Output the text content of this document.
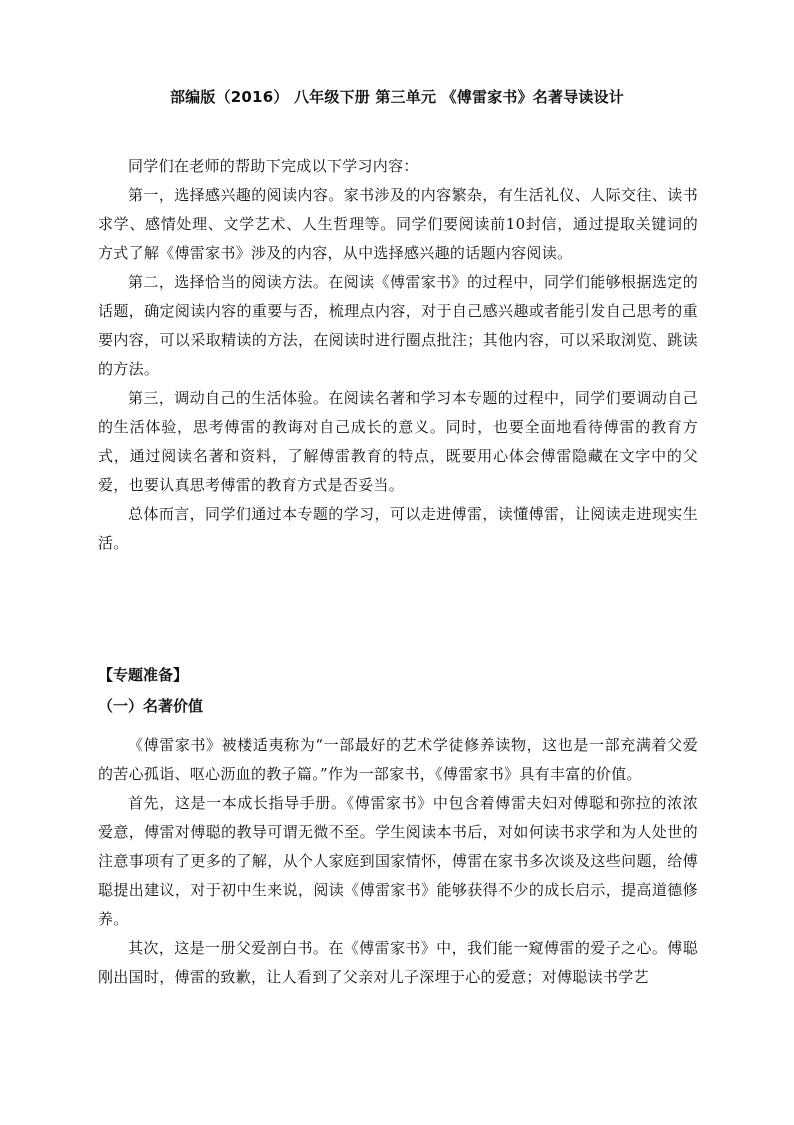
部编版（2016） 八年级下册 第三单元 《傅雷家书》名著导读设计

同学们在老师的帮助下完成以下学习内容：

第一，选择感兴趣的阅读内容。家书涉及的内容繁杂，有生活礼仪、人际交往、读书求学、感情处理、文学艺术、人生哲理等。同学们要阅读前10封信，通过提取关键词的方式了解《傅雷家书》涉及的内容，从中选择感兴趣的话题内容阅读。

第二，选择恰当的阅读方法。在阅读《傅雷家书》的过程中，同学们能够根据选定的话题，确定阅读内容的重要与否，梳理点内容，对于自己感兴趣或者能引发自己思考的重要内容，可以采取精读的方法，在阅读时进行圈点批注；其他内容，可以采取浏览、跳读的方法。

第三，调动自己的生活体验。在阅读名著和学习本专题的过程中，同学们要调动自己的生活体验，思考傅雷的教诲对自己成长的意义。同时，也要全面地看待傅雷的教育方式，通过阅读名著和资料，了解傅雷教育的特点，既要用心体会傅雷隐藏在文字中的父爱，也要认真思考傅雷的教育方式是否妥当。

总体而言，同学们通过本专题的学习，可以走进傅雷，读懂傅雷，让阅读走进现实生活。

【专题准备】
（一）名著价值

《傅雷家书》被楼适夷称为“一部最好的艺术学徒修养读物，这也是一部充满着父爱的苦心孤诣、呕心沥血的教子篇。”作为一部家书，《傅雷家书》具有丰富的价值。

首先，这是一本成长指导手册。《傅雷家书》中包含着傅雷夫妇对傅聪和弥拉的浓浓爱意，傅雷对傅聪的教导可谓无微不至。学生阅读本书后，对如何读书求学和为人处世的注意事项有了更多的了解，从个人家庭到国家情怀，傅雷在家书多次谈及这些问题，给傅聪提出建议，对于初中生来说，阅读《傅雷家书》能够获得不少的成长启示，提高道德修养。

其次，这是一册父爱剖白书。在《傅雷家书》中，我们能一窥傅雷的爱子之心。傅聪刚出国时，傅雷的致歉，让人看到了父亲对儿子深埋于心的爱意；对傅聪读书学艺
